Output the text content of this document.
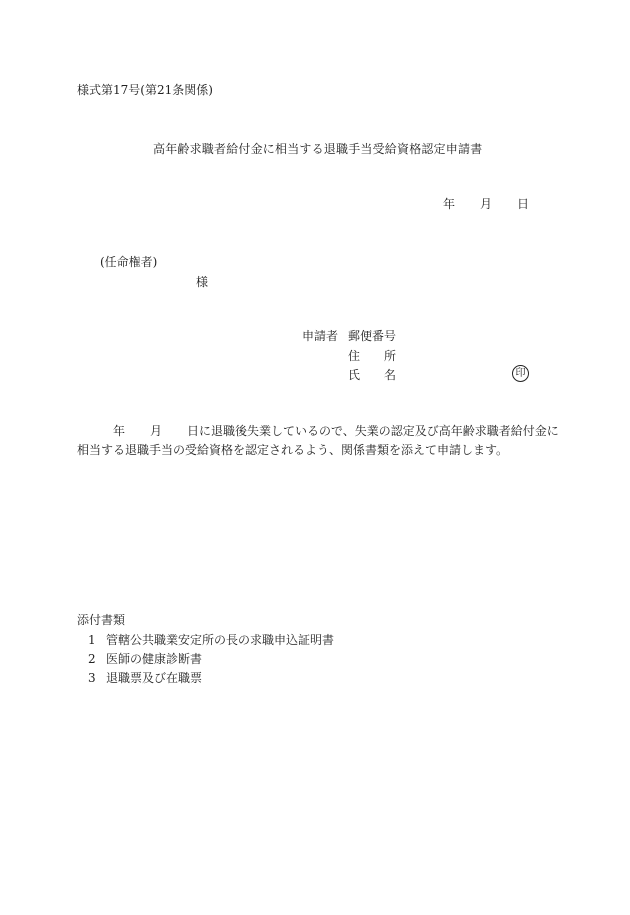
様式第17号(第21条関係)
高年齢求職者給付金に相当する退職手当受給資格認定申請書
年 月 日
(任命権者)
様
申請者 郵便番号
住 所
氏 名	印
年 月 日に退職後失業しているので、失業の認定及び高年齢求職者給付金に
相当する退職手当の受給資格を認定されるよう、関係書類を添えて申請します。
添付書類
1 管轄公共職業安定所の長の求職申込証明書
2 医師の健康診断書
3 退職票及び在職票
